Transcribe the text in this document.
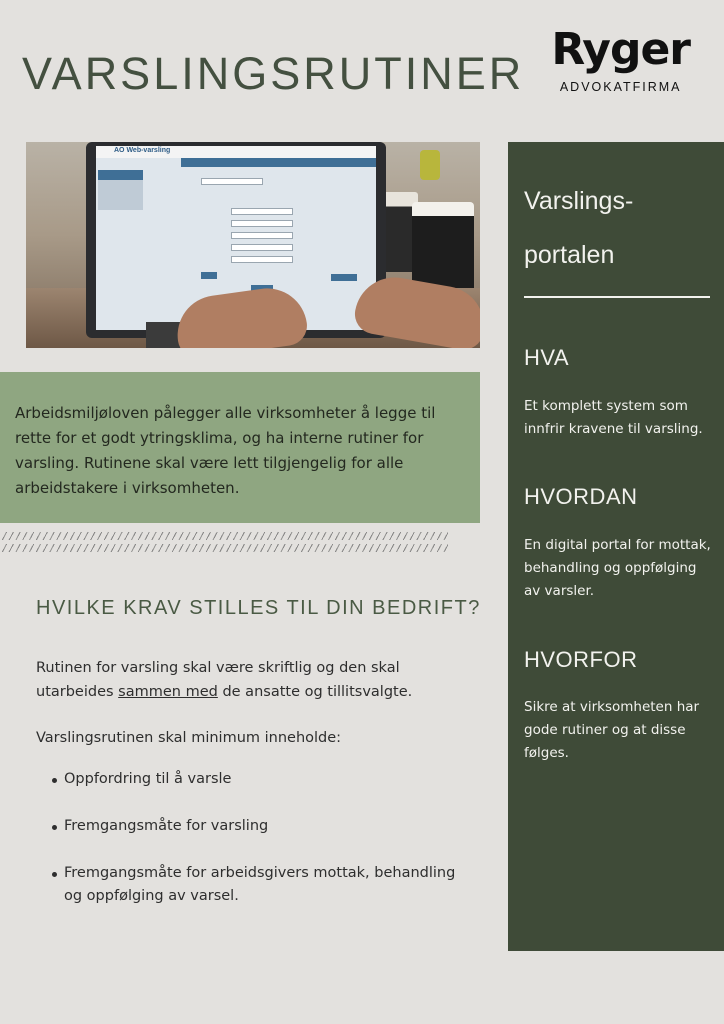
VARSLINGSRUTINER Ryger
ADVOKATFIRMA
AO Web-varsling

Arbeidsmiljøloven pålegger alle virksomheter å legge til rette for et godt ytringsklima, og ha interne rutiner for varsling. Rutinene skal være lett tilgjengelig for alle arbeidstakere i virksomheten.

HVILKE KRAV STILLES TIL DIN BEDRIFT?

Rutinen for varsling skal være skriftlig og den skal utarbeides sammen med de ansatte og tillitsvalgte.

Varslingsrutinen skal minimum inneholde:

Oppfordring til å varsle
Fremgangsmåte for varsling
Fremgangsmåte for arbeidsgivers mottak, behandling og oppfølging av varsel.
Varslings-
portalen
HVA

Et komplett system som innfrir kravene til varsling.

HVORDAN

En digital portal for mottak, behandling og oppfølging av varsler.

HVORFOR

Sikre at virksomheten har gode rutiner og at disse følges.
